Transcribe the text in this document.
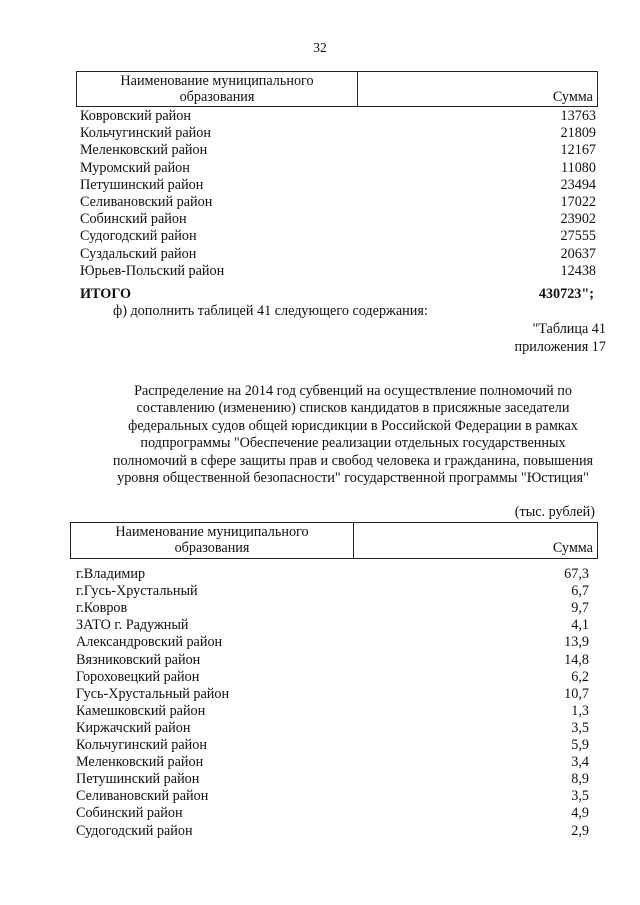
32
Наименование муниципального
образования	Сумма
Ковровский район	13763
Кольчугинский район	21809
Меленковский район	12167
Муромский район	11080
Петушинский район	23494
Селивановский район	17022
Собинский район	23902
Судогодский район	27555
Суздальский район	20637
Юрьев-Польский район	12438
ИТОГО	430723";
ф) дополнить таблицей 41 следующего содержания:
"Таблица 41
приложения 17
Распределение на 2014 год субвенций на осуществление полномочий по
составлению (изменению) списков кандидатов в присяжные заседатели
федеральных судов общей юрисдикции в Российской Федерации в рамках
подпрограммы "Обеспечение реализации отдельных государственных
полномочий в сфере защиты прав и свобод человека и гражданина, повышения
уровня общественной безопасности" государственной программы "Юстиция"
(тыс. рублей)
Наименование муниципального
образования	Сумма
г.Владимир	67,3
г.Гусь-Хрустальный	6,7
г.Ковров	9,7
ЗАТО г. Радужный	4,1
Александровский район	13,9
Вязниковский район	14,8
Гороховецкий район	6,2
Гусь-Хрустальный район	10,7
Камешковский район	1,3
Киржачский район	3,5
Кольчугинский район	5,9
Меленковский район	3,4
Петушинский район	8,9
Селивановский район	3,5
Собинский район	4,9
Судогодский район	2,9
